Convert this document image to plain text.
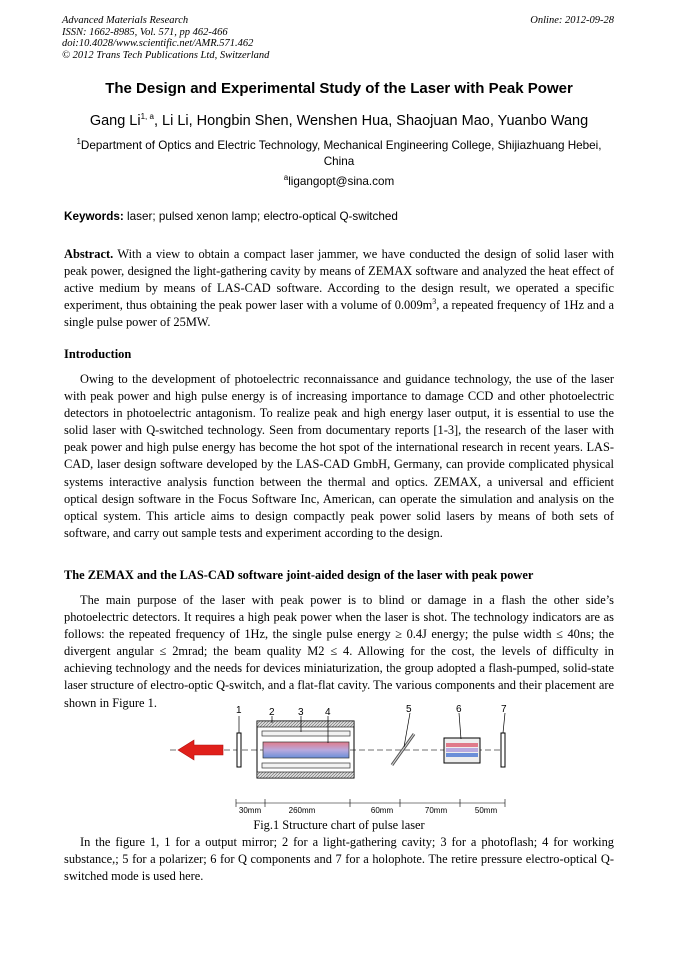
Advanced Materials Research
ISSN: 1662-8985, Vol. 571, pp 462-466
doi:10.4028/www.scientific.net/AMR.571.462
© 2012 Trans Tech Publications Ltd, Switzerland
Online: 2012-09-28
The Design and Experimental Study of the Laser with Peak Power
Gang Li$^{1, a}$, Li Li, Hongbin Shen, Wenshen Hua, Shaojuan Mao, Yuanbo Wang
$^1$Department of Optics and Electric Technology, Mechanical Engineering College, Shijiazhuang Hebei, China
$^a$ligangopt@sina.com
Keywords: laser; pulsed xenon lamp; electro-optical Q-switched
Abstract. With a view to obtain a compact laser jammer, we have conducted the design of solid laser with peak power, designed the light-gathering cavity by means of ZEMAX software and analyzed the heat effect of active medium by means of LAS-CAD software. According to the design result, we operated a specific experiment, thus obtaining the peak power laser with a volume of $0.009m^3$, a repeated frequency of 1Hz and a single pulse power of 25MW.
Introduction
Owing to the development of photoelectric reconnaissance and guidance technology, the use of the laser with peak power and high pulse energy is of increasing importance to damage CCD and other photoelectric detectors in photoelectric antagonism. To realize peak and high energy laser output, it is essential to use the solid laser with Q-switched technology. Seen from documentary reports [1-3], the research of the laser with peak power and high pulse energy has become the hot spot of the international research in recent years. LAS-CAD, laser design software developed by the LAS-CAD GmbH, Germany, can provide complicated physical systems interactive analysis function between the thermal and optics. ZEMAX, a universal and efficient optical design software in the Focus Software Inc, American, can operate the simulation and analysis on the optical system. This article aims to design compactly peak power solid lasers by means of both sets of software, and carry out sample tests and experiment according to the design.
The ZEMAX and the LAS-CAD software joint-aided design of the laser with peak power
The main purpose of the laser with peak power is to blind or damage in a flash the other side’s photoelectric detectors. It requires a high peak power when the laser is shot. The technology indicators are as follows: the repeated frequency of 1Hz, the single pulse energy ≥ 0.4J energy; the pulse width ≤ 40ns; the divergent angular ≤ 2mrad; the beam quality M2 ≤ 4. Allowing for the cost, the levels of difficulty in achieving technology and the needs for devices miniaturization, the group adopted a flash-pumped, solid-state laser structure of electro-optic Q-switch, and a flat-flat cavity. The various components and their placement are shown in Figure 1.
1	2 3 4	5	6	7
30mm	260mm	60mm	70mm	50mm
Fig.1 Structure chart of pulse laser
In the figure 1, 1 for a output mirror; 2 for a light-gathering cavity; 3 for a photoflash; 4 for working substance,; 5 for a polarizer; 6 for Q components and 7 for a holophote. The retire pressure electro-optical Q-switched mode is used here.
